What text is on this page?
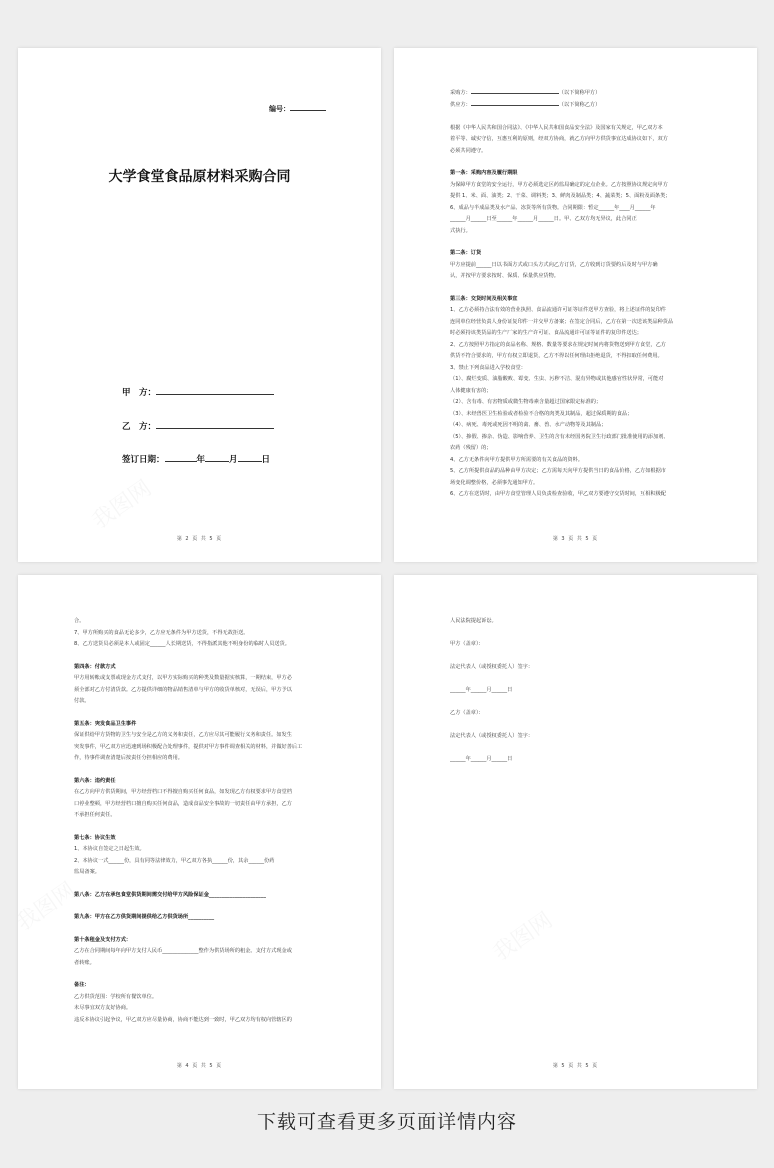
编号：
大学食堂食品原材料采购合同
甲　方：
乙　方：
签订日期：	年	月	日
第 2 页 共 5 页
采购方：	（以下简称甲方）
供应方：	（以下简称乙方）

根据《中华人民共和国合同法》、《中华人民共和国食品安全法》及国家有关规定，甲乙双方本
着平等、诚实守信，互惠互利的原则，经双方协商，就乙方向甲方供货事宜达成协议如下，双方
必须共同遵守。
第一条：采购内容及履行期限
为保障甲方食堂的安全运行，甲方必须选定区药监局确定的定点企业。乙方按照协议规定向甲方
提供 1、米、面、油类；2、干菜、调料类；3、鲜肉及制品类；4、蔬菜类；5、面粉及面条类；
6、成品与半成品类及水产品、冻货等所有货物。合同期限：暂定______年____月______年
______月______日至______年______月______日。甲、乙双方均无异议，此合同正
式执行。
第二条：订货
甲方应提前______日以书面方式或口头方式向乙方订货，乙方收到订货要约后及时与甲方确
认，并按甲方要求按时、保质、保量供应货物。
第三条：交货时间及相关事宜
1、乙方必须持合法有效的营业执照、食品流通许可证等证件送甲方查验，将上述证件的复印件
连同单位经营负责人身份证复印件一并交甲方备案；在签定合同后，乙方在第一次送该类品种货品
时必须持该类货品的生产厂家的生产许可证、食品流通许可证等证件的复印件送达；
2、乙方按照甲方指定的食品名称、规格、数量等要求在规定时间内将货物送到甲方食堂，乙方
供货不符合要求的，甲方有权立即退货，乙方不得以任何理由拒绝退货，不得扣取任何费用。
3、禁止下列食品进入学校食堂：
（1）、腐烂变质、油脂酸败、霉变、生虫、污秽不洁、混有异物或其他感官性状异常，可能对
人体健康有害的；
（2）、含有毒、有害物质或微生物毒素含量超过国家限定标准的；
（3）、未经兽医卫生检验或者检验不合格的肉类及其制品，超过保质期的食品；
（4）、病死、毒死或死因不明的禽、畜、兽、水产动物等及其制品；
（5）、掺假、掺杂、伪造、影响营养、卫生的含有未经国务院卫生行政部门批准使用的添加剂、
农药（残留）的；
4、乙方无条件向甲方提供甲方所需要的有关食品的资料。
5、乙方所提供食品的品种由甲方决定；乙方需每天向甲方提供当日的食品价格，乙方如根据市
场变化调整价格，必须事先通知甲方。
6、乙方在送货时，由甲方食堂管理人员负责检查验收，甲乙双方要遵守交货时间，互相积极配
第 3 页 共 5 页
合。
7、甲方所购买的食品无论多少，乙方应无条件为甲方送货，不得无故拒送。
8、乙方送货员必须是本人或固定______人长期送货，不得指派其他不明身份的临时人员送货。
第四条：付款方式
甲方用转帐或支票或现金方式支付，以甲方实际购买的种类及数量据实核算，一期结束，甲方必
须全部对乙方付清货款。乙方提供详细的物品销售清单与甲方的收货单核对，无误后，甲方予以
付款。
第五条：突发食品卫生事件
保证供给甲方货物的卫生与安全是乙方的义务和责任，乙方应尽其可能履行义务和责任。如发生
突发事件，甲乙双方应迅速到场积极配合处理事件，提供对甲方事件调查相关的材料，并做好善后工
作，待事件调查清楚后按责任分担相应的费用。
第六条：违约责任
在乙方向甲方供货期间，甲方经营档口不得擅自购买任何食品，如发现乙方有权要求甲方食堂档
口停业整顿，甲方经营档口擅自购买任何食品，造成食品安全事故的一切责任由甲方承担，乙方
不承担任何责任。
第七条：协议生效
1、本协议自签定之日起生效。
2、本协议一式______份，具有同等法律效力，甲乙双方各执______份，其余______份药
监局备案。
第八条：乙方在承包食堂供货期间需交付给甲方风险保证金______________________
第九条：甲方在乙方供货期间提供给乙方供货场所__________
第十条租金及支付方式：
乙方在合同期间每年向甲方支付人民币______________整作为供货场所的租金。支付方式现金或
者转账。
备注：
乙方供货范围：学校所有餐饮单位。
未尽事宜双方友好协商。
违反本协议引起争议，甲乙双方应尽量协商，协商不能达到一致时，甲乙双方均有权向管辖区的
第 4 页 共 5 页
人民法院提起诉讼。

甲方（盖章）：

法定代表人（或授权委托人）签字：

______年______月______日

乙方（盖章）：

法定代表人（或授权委托人）签字：

______年______月______日
第 5 页 共 5 页
下载可查看更多页面详情内容
